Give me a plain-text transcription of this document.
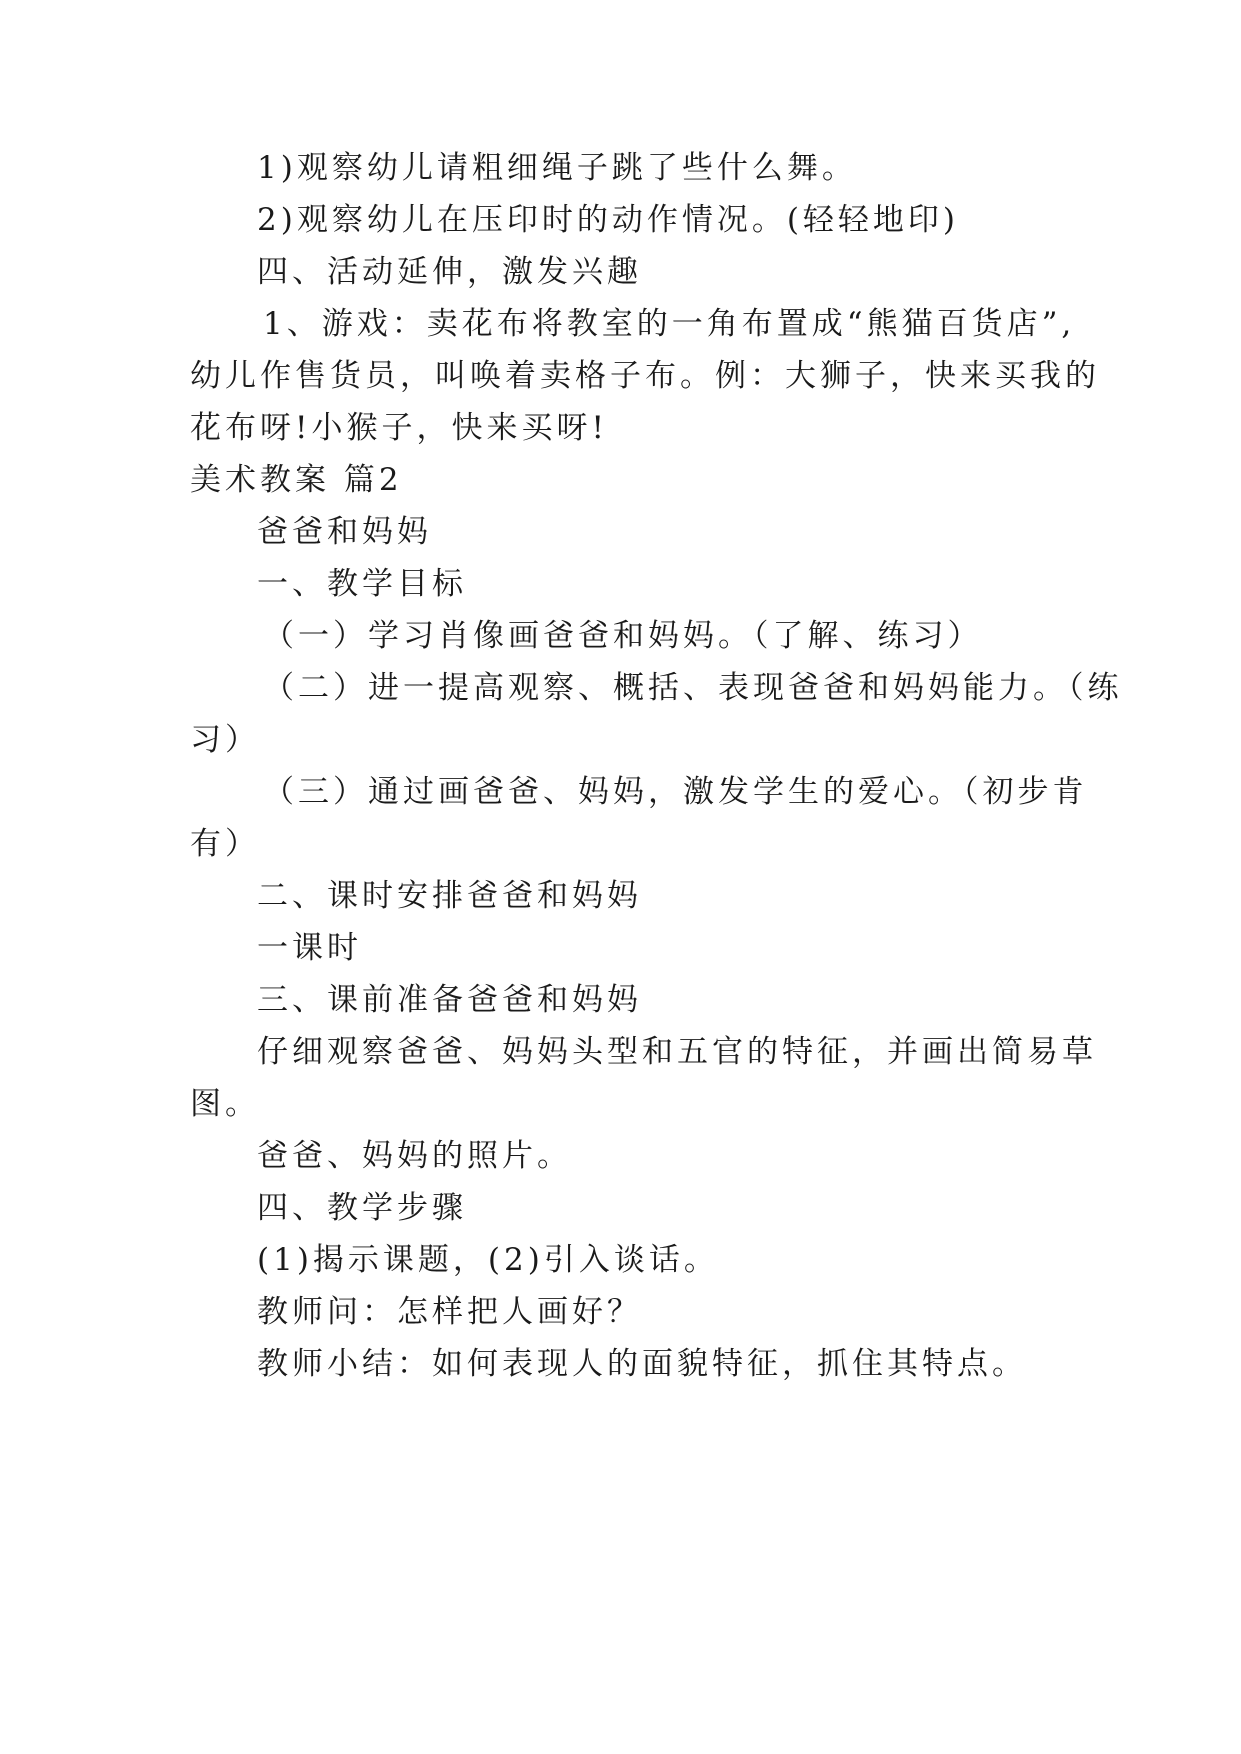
1)观察幼儿请粗细绳子跳了些什么舞。
2)观察幼儿在压印时的动作情况。(轻轻地印)
四、活动延伸，激发兴趣
1、游戏：卖花布将教室的一角布置成“熊猫百货店”,
幼儿作售货员，叫唤着卖格子布。例：大狮子，快来买我的
花布呀!小猴子，快来买呀!
美术教案 篇2
爸爸和妈妈
一、教学目标
（一）学习肖像画爸爸和妈妈。（了解、练习）
（二）进一提高观察、概括、表现爸爸和妈妈能力。（练
习）
（三）通过画爸爸、妈妈，激发学生的爱心。（初步肯
有）
二、课时安排爸爸和妈妈
一课时
三、课前准备爸爸和妈妈
仔细观察爸爸、妈妈头型和五官的特征，并画出简易草
图。
爸爸、妈妈的照片。
四、教学步骤
(1)揭示课题，(2)引入谈话。
教师问：怎样把人画好？
教师小结：如何表现人的面貌特征，抓住其特点。
